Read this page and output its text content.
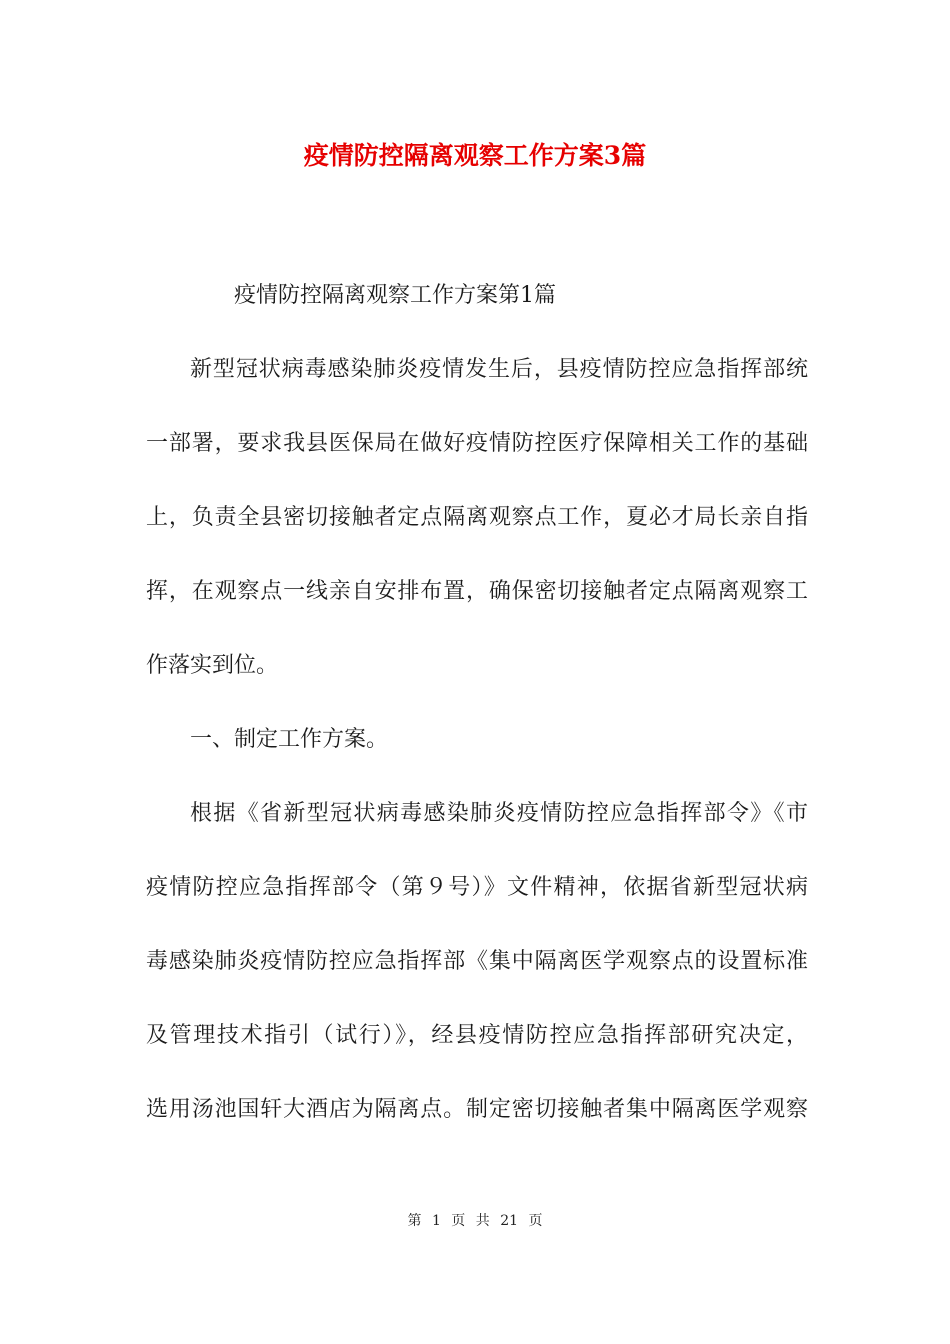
疫情防控隔离观察工作方案3篇
疫情防控隔离观察工作方案第1篇
新型冠状病毒感染肺炎疫情发生后，县疫情防控应急指挥部统
一部署，要求我县医保局在做好疫情防控医疗保障相关工作的基础
上，负责全县密切接触者定点隔离观察点工作，夏必才局长亲自指
挥，在观察点一线亲自安排布置，确保密切接触者定点隔离观察工
作落实到位。
一、制定工作方案。
根据《省新型冠状病毒感染肺炎疫情防控应急指挥部令》《市
疫情防控应急指挥部令（第９号）》文件精神，依据省新型冠状病
毒感染肺炎疫情防控应急指挥部《集中隔离医学观察点的设置标准
及管理技术指引（试行）》，经县疫情防控应急指挥部研究决定，
选用汤池国轩大酒店为隔离点。制定密切接触者集中隔离医学观察
第 1 页 共 21 页
